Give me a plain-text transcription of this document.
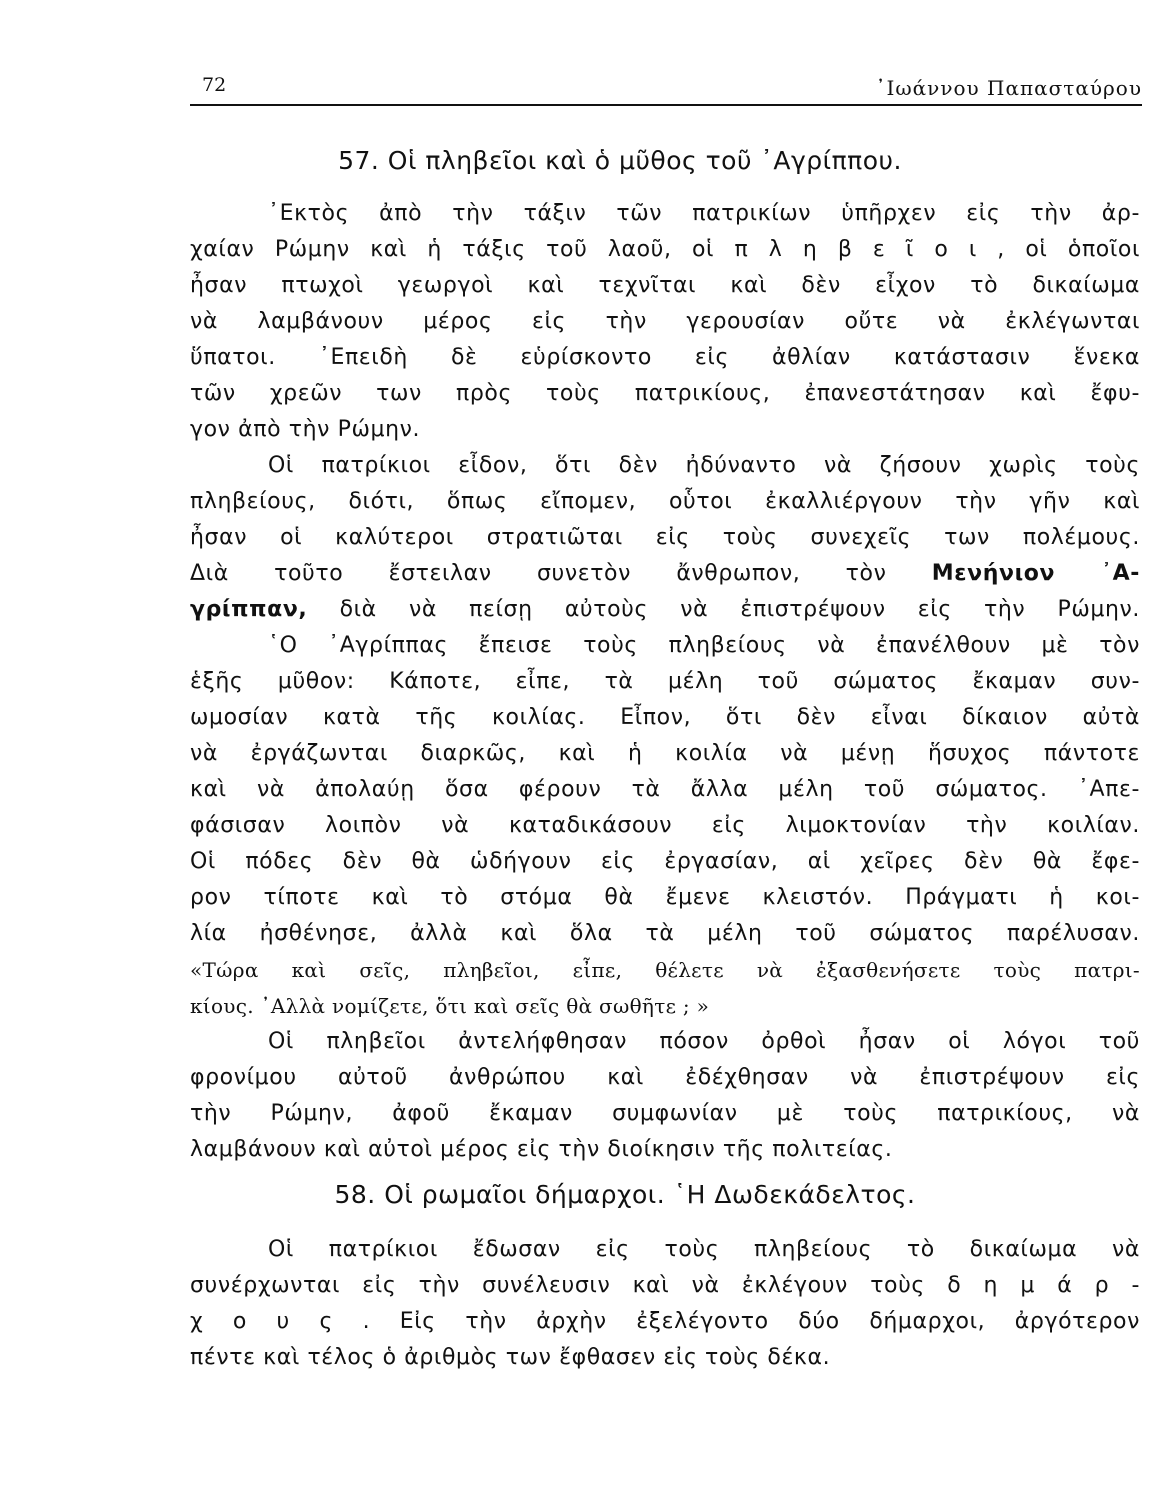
72	᾿Ιωάννου Παπασταύρου
57. Οἱ πληβεῖοι καὶ ὁ μῦθος τοῦ ᾿Αγρίππου.
᾿Εκτὸς ἀπὸ τὴν τάξιν τῶν πατρικίων ὑπῆρχεν εἰς τὴν ἀρ-
χαίαν Ρώμην καὶ ἡ τάξις τοῦ λαοῦ, οἱ π λ η β ε ῖ ο ι , οἱ ὁποῖοι
ἦσαν πτωχοὶ γεωργοὶ καὶ τεχνῖται καὶ δὲν εἶχον τὸ δικαίωμα
νὰ λαμβάνουν μέρος εἰς τὴν γερουσίαν οὔτε νὰ ἐκλέγωνται
ὕπατοι. ᾿Επειδὴ δὲ εὑρίσκοντο εἰς ἀθλίαν κατάστασιν ἕνεκα
τῶν χρεῶν των πρὸς τοὺς πατρικίους, ἐπανεστάτησαν καὶ ἔφυ-
γον ἀπὸ τὴν Ρώμην.
Οἱ πατρίκιοι εἶδον, ὅτι δὲν ἠδύναντο νὰ ζήσουν χωρὶς τοὺς
πληβείους, διότι, ὅπως εἴπομεν, οὗτοι ἐκαλλιέργουν τὴν γῆν καὶ
ἦσαν οἱ καλύτεροι στρατιῶται εἰς τοὺς συνεχεῖς των πολέμους.
Διὰ τοῦτο ἔστειλαν συνετὸν ἄνθρωπον, τὸν Μενήνιον ᾿Α-
γρίππαν, διὰ νὰ πείσῃ αὐτοὺς νὰ ἐπιστρέψουν εἰς τὴν Ρώμην.
῾Ο ᾿Αγρίππας ἔπεισε τοὺς πληβείους νὰ ἐπανέλθουν μὲ τὸν
ἑξῆς μῦθον: Κάποτε, εἶπε, τὰ μέλη τοῦ σώματος ἔκαμαν συν-
ωμοσίαν κατὰ τῆς κοιλίας. Εἶπον, ὅτι δὲν εἶναι δίκαιον αὐτὰ
νὰ ἐργάζωνται διαρκῶς, καὶ ἡ κοιλία νὰ μένῃ ἥσυχος πάντοτε
καὶ νὰ ἀπολαύῃ ὅσα φέρουν τὰ ἄλλα μέλη τοῦ σώματος. ᾿Απε-
φάσισαν λοιπὸν νὰ καταδικάσουν εἰς λιμοκτονίαν τὴν κοιλίαν.
Οἱ πόδες δὲν θὰ ὡδήγουν εἰς ἐργασίαν, αἱ χεῖρες δὲν θὰ ἔφε-
ρον τίποτε καὶ τὸ στόμα θὰ ἔμενε κλειστόν. Πράγματι ἡ κοι-
λία ἠσθένησε, ἀλλὰ καὶ ὅλα τὰ μέλη τοῦ σώματος παρέλυσαν.
«Τώρα καὶ σεῖς, πληβεῖοι, εἶπε, θέλετε νὰ ἐξασθενήσετε τοὺς πατρι-
κίους. ᾿Αλλὰ νομίζετε, ὅτι καὶ σεῖς θὰ σωθῆτε ; »
Οἱ πληβεῖοι ἀντελήφθησαν πόσον ὀρθοὶ ἦσαν οἱ λόγοι τοῦ
φρονίμου αὐτοῦ ἀνθρώπου καὶ ἐδέχθησαν νὰ ἐπιστρέψουν εἰς
τὴν Ρώμην, ἀφοῦ ἔκαμαν συμφωνίαν μὲ τοὺς πατρικίους, νὰ
λαμβάνουν καὶ αὐτοὶ μέρος εἰς τὴν διοίκησιν τῆς πολιτείας.
58. Οἱ ρωμαῖοι δήμαρχοι. ῾Η Δωδεκάδελτος.
Οἱ πατρίκιοι ἔδωσαν εἰς τοὺς πληβείους τὸ δικαίωμα νὰ
συνέρχωνται εἰς τὴν συνέλευσιν καὶ νὰ ἐκλέγουν τοὺς δ η μ ά ρ -
χ ο υ ς . Εἰς τὴν ἀρχὴν ἐξελέγοντο δύο δήμαρχοι, ἀργότερον
πέντε καὶ τέλος ὁ ἀριθμὸς των ἔφθασεν εἰς τοὺς δέκα.
